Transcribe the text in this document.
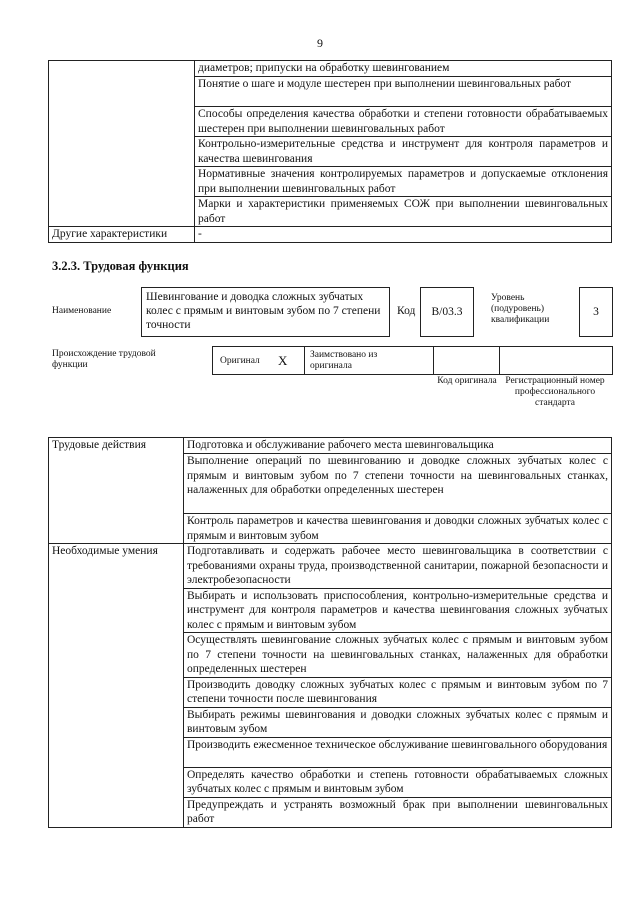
9
	диаметров; припуски на обработку шевингованием
	Понятие о шаге и модуле шестерен при выполнении шевинговальных работ
	Способы определения качества обработки и степени готовности обрабатываемых шестерен при выполнении шевинговальных работ
	Контрольно-измерительные средства и инструмент для контроля параметров и качества шевингования
	Нормативные значения контролируемых параметров и допускаемые отклонения при выполнении шевинговальных работ
	Марки и характеристики применяемых СОЖ при выполнении шевинговальных работ
Другие характеристики	-
3.2.3. Трудовая функция
Наименование
Шевингование и доводка сложных зубчатых колес с прямым и винтовым зубом по 7 степени точности
Код	B/03.3
Уровень (подуровень) квалификации
3
Происхождение трудовой функции	Оригинал X Заимствовано из оригинала
Код оригинала Регистрационный номер профессионального стандарта
Трудовые действия	Подготовка и обслуживание рабочего места шевинговальщика
	Выполнение операций по шевингованию и доводке сложных зубчатых колес с прямым и винтовым зубом по 7 степени точности на шевинговальных станках, налаженных для обработки определенных шестерен
	Контроль параметров и качества шевингования и доводки сложных зубчатых колес с прямым и винтовым зубом
Необходимые умения	Подготавливать и содержать рабочее место шевинговальщика в соответствии с требованиями охраны труда, производственной санитарии, пожарной безопасности и электробезопасности
	Выбирать и использовать приспособления, контрольно-измерительные средства и инструмент для контроля параметров и качества шевингования сложных зубчатых колес с прямым и винтовым зубом
	Осуществлять шевингование сложных зубчатых колес с прямым и винтовым зубом по 7 степени точности на шевинговальных станках, налаженных для обработки определенных шестерен
	Производить доводку сложных зубчатых колес с прямым и винтовым зубом по 7 степени точности после шевингования
	Выбирать режимы шевингования и доводки сложных зубчатых колес с прямым и винтовым зубом
	Производить ежесменное техническое обслуживание шевинговального оборудования
	Определять качество обработки и степень готовности обрабатываемых сложных зубчатых колес с прямым и винтовым зубом
	Предупреждать и устранять возможный брак при выполнении шевинговальных работ
